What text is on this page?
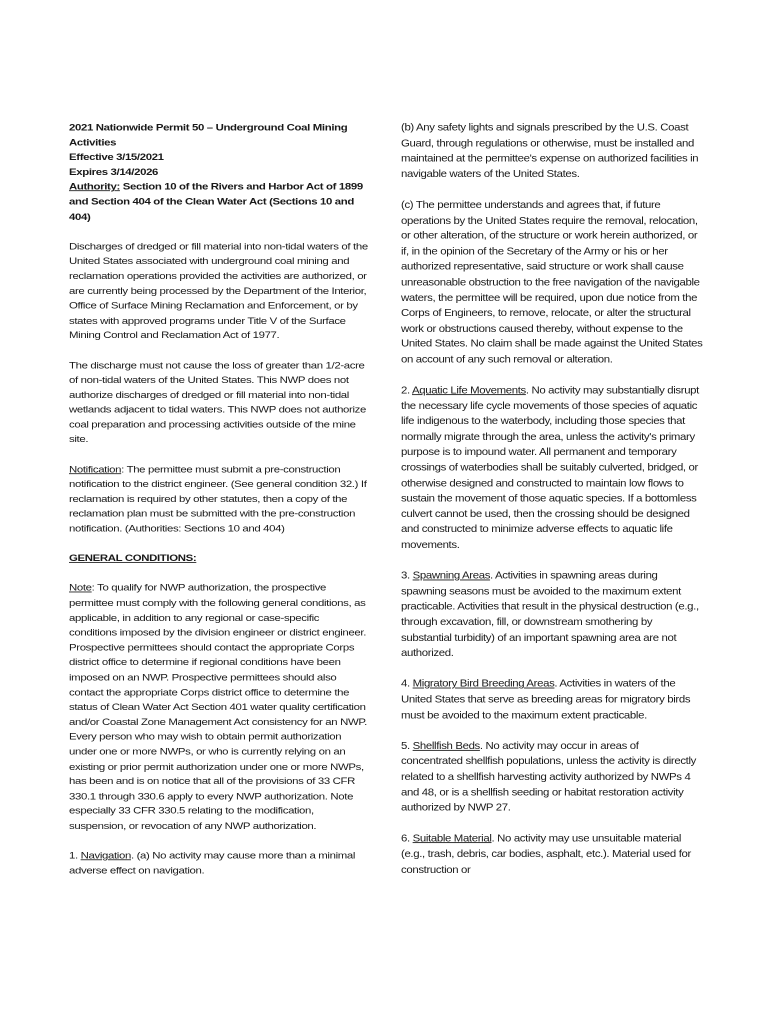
2021 Nationwide Permit 50 – Underground Coal Mining Activities
Effective 3/15/2021
Expires 3/14/2026

Authority: Section 10 of the Rivers and Harbor Act of 1899 and Section 404 of the Clean Water Act (Sections 10 and 404)

Discharges of dredged or fill material into non-tidal waters of the United States associated with underground coal mining and reclamation operations provided the activities are authorized, or are currently being processed by the Department of the Interior, Office of Surface Mining Reclamation and Enforcement, or by states with approved programs under Title V of the Surface Mining Control and Reclamation Act of 1977.

The discharge must not cause the loss of greater than 1/2-acre of non-tidal waters of the United States. This NWP does not authorize discharges of dredged or fill material into non-tidal wetlands adjacent to tidal waters. This NWP does not authorize coal preparation and processing activities outside of the mine site.

Notification: The permittee must submit a pre-construction notification to the district engineer. (See general condition 32.) If reclamation is required by other statutes, then a copy of the reclamation plan must be submitted with the pre-construction notification. (Authorities: Sections 10 and 404)

GENERAL CONDITIONS:

Note: To qualify for NWP authorization, the prospective permittee must comply with the following general conditions, as applicable, in addition to any regional or case-specific conditions imposed by the division engineer or district engineer. Prospective permittees should contact the appropriate Corps district office to determine if regional conditions have been imposed on an NWP. Prospective permittees should also contact the appropriate Corps district office to determine the status of Clean Water Act Section 401 water quality certification and/or Coastal Zone Management Act consistency for an NWP. Every person who may wish to obtain permit authorization under one or more NWPs, or who is currently relying on an existing or prior permit authorization under one or more NWPs, has been and is on notice that all of the provisions of 33 CFR 330.1 through 330.6 apply to every NWP authorization. Note especially 33 CFR 330.5 relating to the modification, suspension, or revocation of any NWP authorization.

1. Navigation. (a) No activity may cause more than a minimal adverse effect on navigation.

(b) Any safety lights and signals prescribed by the U.S. Coast Guard, through regulations or otherwise, must be installed and maintained at the permittee's expense on authorized facilities in navigable waters of the United States.

(c) The permittee understands and agrees that, if future operations by the United States require the removal, relocation, or other alteration, of the structure or work herein authorized, or if, in the opinion of the Secretary of the Army or his or her authorized representative, said structure or work shall cause unreasonable obstruction to the free navigation of the navigable waters, the permittee will be required, upon due notice from the Corps of Engineers, to remove, relocate, or alter the structural work or obstructions caused thereby, without expense to the United States. No claim shall be made against the United States on account of any such removal or alteration.

2. Aquatic Life Movements. No activity may substantially disrupt the necessary life cycle movements of those species of aquatic life indigenous to the waterbody, including those species that normally migrate through the area, unless the activity's primary purpose is to impound water. All permanent and temporary crossings of waterbodies shall be suitably culverted, bridged, or otherwise designed and constructed to maintain low flows to sustain the movement of those aquatic species. If a bottomless culvert cannot be used, then the crossing should be designed and constructed to minimize adverse effects to aquatic life movements.

3. Spawning Areas. Activities in spawning areas during spawning seasons must be avoided to the maximum extent practicable. Activities that result in the physical destruction (e.g., through excavation, fill, or downstream smothering by substantial turbidity) of an important spawning area are not authorized.

4. Migratory Bird Breeding Areas. Activities in waters of the United States that serve as breeding areas for migratory birds must be avoided to the maximum extent practicable.

5. Shellfish Beds. No activity may occur in areas of concentrated shellfish populations, unless the activity is directly related to a shellfish harvesting activity authorized by NWPs 4 and 48, or is a shellfish seeding or habitat restoration activity authorized by NWP 27.

6. Suitable Material. No activity may use unsuitable material (e.g., trash, debris, car bodies, asphalt, etc.). Material used for construction or
